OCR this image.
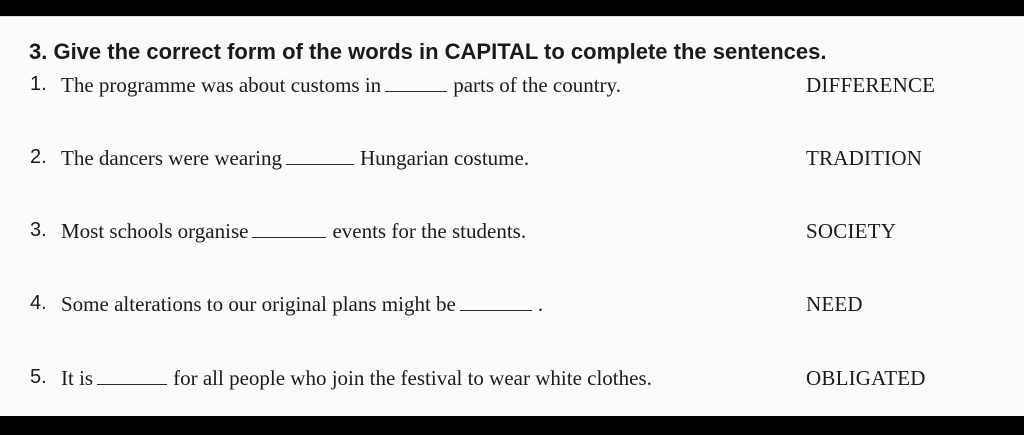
3. Give the correct form of the words in CAPITAL to complete the sentences.
1. The programme was about customs in	parts of the country.	DIFFERENCE
2. The dancers were wearing	Hungarian costume.	TRADITION
3. Most schools organise	events for the students.	SOCIETY
4. Some alterations to our original plans might be	.	NEED
5. It is	for all people who join the festival to wear white clothes.	OBLIGATED
